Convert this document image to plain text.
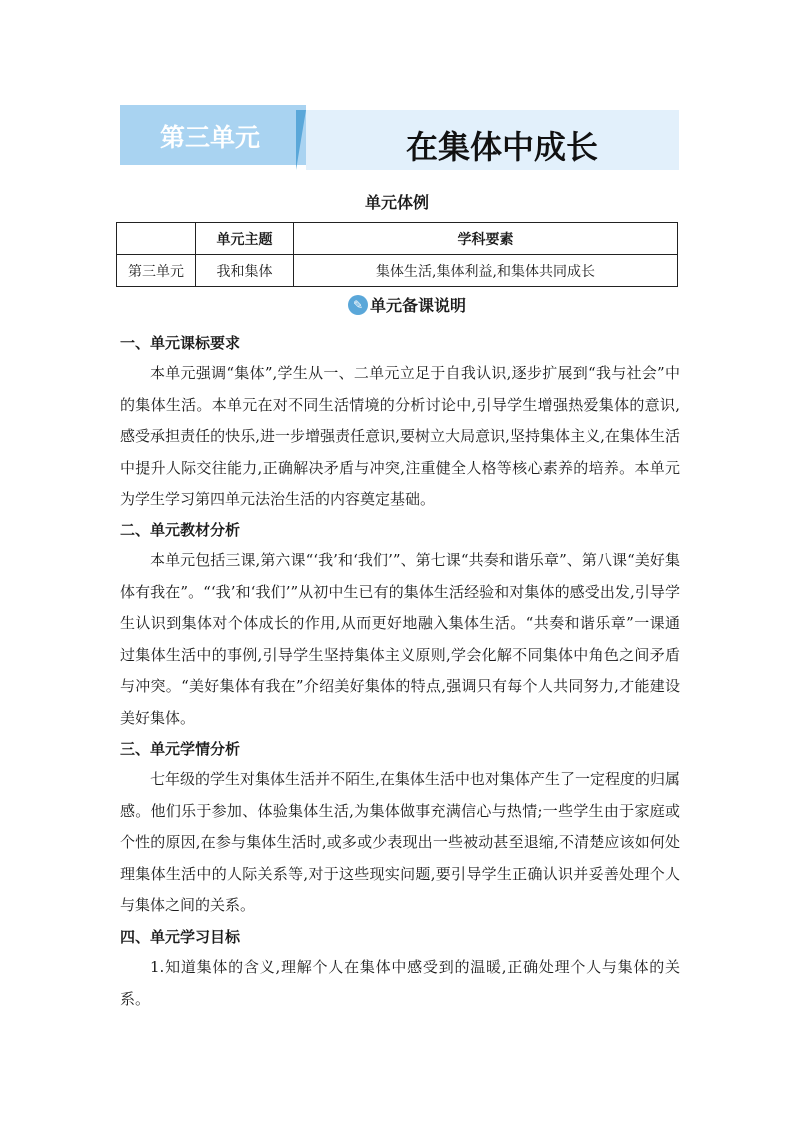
在集体中成长
第三单元
单元体例
	单元主题	学科要素
第三单元	我和集体	集体生活,集体利益,和集体共同成长
✎ 单元备课说明
一、单元课标要求

本单元强调“集体”,学生从一、二单元立足于自我认识,逐步扩展到“我与社会”中的集体生活。本单元在对不同生活情境的分析讨论中,引导学生增强热爱集体的意识,感受承担责任的快乐,进一步增强责任意识,要树立大局意识,坚持集体主义,在集体生活中提升人际交往能力,正确解决矛盾与冲突,注重健全人格等核心素养的培养。本单元为学生学习第四单元法治生活的内容奠定基础。

二、单元教材分析

本单元包括三课,第六课“‘我’和‘我们’”、第七课“共奏和谐乐章”、第八课“美好集体有我在”。“‘我’和‘我们’”从初中生已有的集体生活经验和对集体的感受出发,引导学生认识到集体对个体成长的作用,从而更好地融入集体生活。“共奏和谐乐章”一课通过集体生活中的事例,引导学生坚持集体主义原则,学会化解不同集体中角色之间矛盾与冲突。“美好集体有我在”介绍美好集体的特点,强调只有每个人共同努力,才能建设美好集体。

三、单元学情分析

七年级的学生对集体生活并不陌生,在集体生活中也对集体产生了一定程度的归属感。他们乐于参加、体验集体生活,为集体做事充满信心与热情;一些学生由于家庭或个性的原因,在参与集体生活时,或多或少表现出一些被动甚至退缩,不清楚应该如何处理集体生活中的人际关系等,对于这些现实问题,要引导学生正确认识并妥善处理个人与集体之间的关系。

四、单元学习目标

1.知道集体的含义,理解个人在集体中感受到的温暖,正确处理个人与集体的关系。
